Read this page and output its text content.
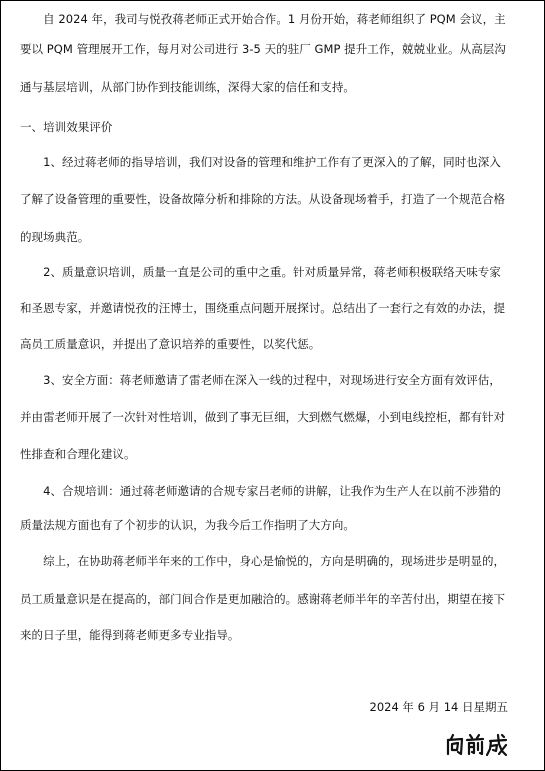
　　自 2024 年，我司与悦孜蒋老师正式开始合作。1 月份开始，蒋老师组织了 PQM 会议，主
要以 PQM 管理展开工作，每月对公司进行 3-5 天的驻厂 GMP 提升工作，兢兢业业。从高层沟
通与基层培训，从部门协作到技能训练，深得大家的信任和支持。
一、培训效果评价
　　1、经过蒋老师的指导培训，我们对设备的管理和维护工作有了更深入的了解，同时也深入
了解了设备管理的重要性，设备故障分析和排除的方法。从设备现场着手，打造了一个规范合格
的现场典范。
　　2、质量意识培训，质量一直是公司的重中之重。针对质量异常，蒋老师积极联络天味专家
和圣恩专家，并邀请悦孜的汪博士，围绕重点问题开展探讨。总结出了一套行之有效的办法，提
高员工质量意识，并提出了意识培养的重要性，以奖代惩。
　　3、安全方面：蒋老师邀请了雷老师在深入一线的过程中，对现场进行安全方面有效评估，
并由雷老师开展了一次针对性培训，做到了事无巨细，大到燃气燃爆，小到电线控柜，都有针对
性排查和合理化建议。
　　4、合规培训：通过蒋老师邀请的合规专家吕老师的讲解，让我作为生产人在以前不涉猎的
质量法规方面也有了个初步的认识，为我今后工作指明了大方向。
　　综上，在协助蒋老师半年来的工作中，身心是愉悦的，方向是明确的，现场进步是明显的，
员工质量意识是在提高的，部门间合作是更加融洽的。感谢蒋老师半年的辛苦付出，期望在接下
来的日子里，能得到蒋老师更多专业指导。
2024 年 6 月 14 日星期五
